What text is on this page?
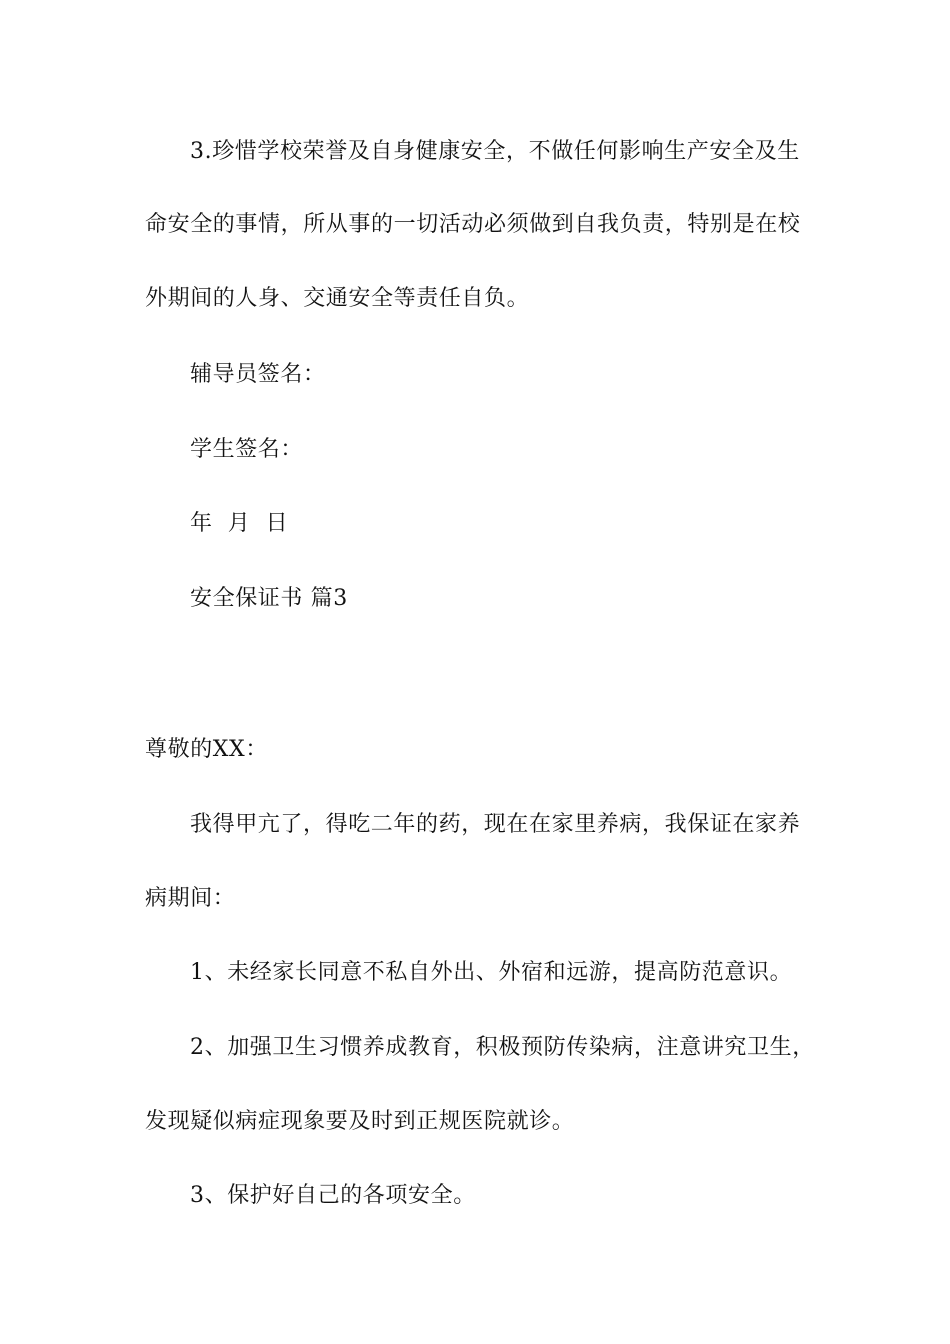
3.珍惜学校荣誉及自身健康安全，不做任何影响生产安全及生
命安全的事情，所从事的一切活动必须做到自我负责，特别是在校
外期间的人身、交通安全等责任自负。
辅导员签名：
学生签名：
年  月  日
安全保证书 篇3
尊敬的XX：
我得甲亢了，得吃二年的药，现在在家里养病，我保证在家养
病期间：
1、未经家长同意不私自外出、外宿和远游，提高防范意识。
2、加强卫生习惯养成教育，积极预防传染病，注意讲究卫生，
发现疑似病症现象要及时到正规医院就诊。
3、保护好自己的各项安全。
